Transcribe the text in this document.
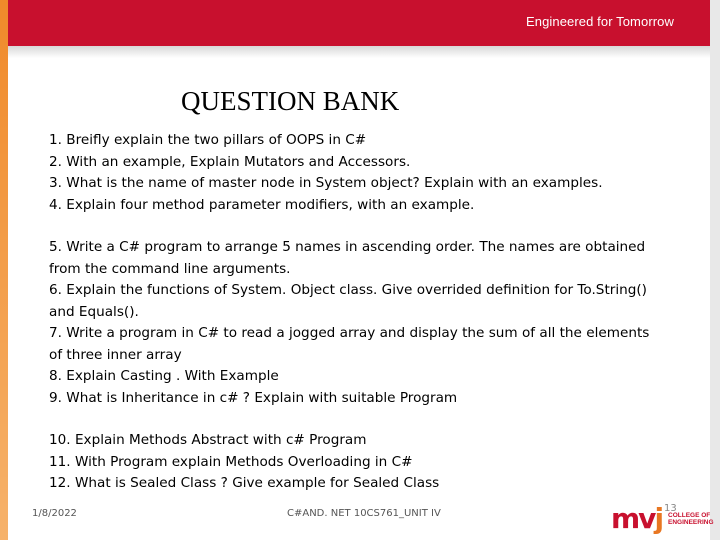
Engineered for Tomorrow
QUESTION BANK
1. Breifly explain the two pillars of OOPS in C#
2. With an example, Explain Mutators and Accessors.
3. What is the name of master node in System object? Explain with an examples.
4. Explain four method parameter modifiers, with an example.
5. Write a C# program to arrange 5 names in ascending order. The names are obtained
from the command line arguments.
6. Explain the functions of System. Object class. Give overrided definition for To.String()
and Equals().
7. Write a program in C# to read a jogged array and display the sum of all the elements
of three inner array
8. Explain Casting . With Example
9. What is Inheritance in c# ? Explain with suitable Program
10. Explain Methods Abstract with c# Program
11. With Program explain Methods Overloading in C#
12. What is Sealed Class ? Give example for Sealed Class
1/8/2022	C#AND. NET 10CS761_UNIT IV	mvj 13
COLLEGE OF
ENGINEERING
